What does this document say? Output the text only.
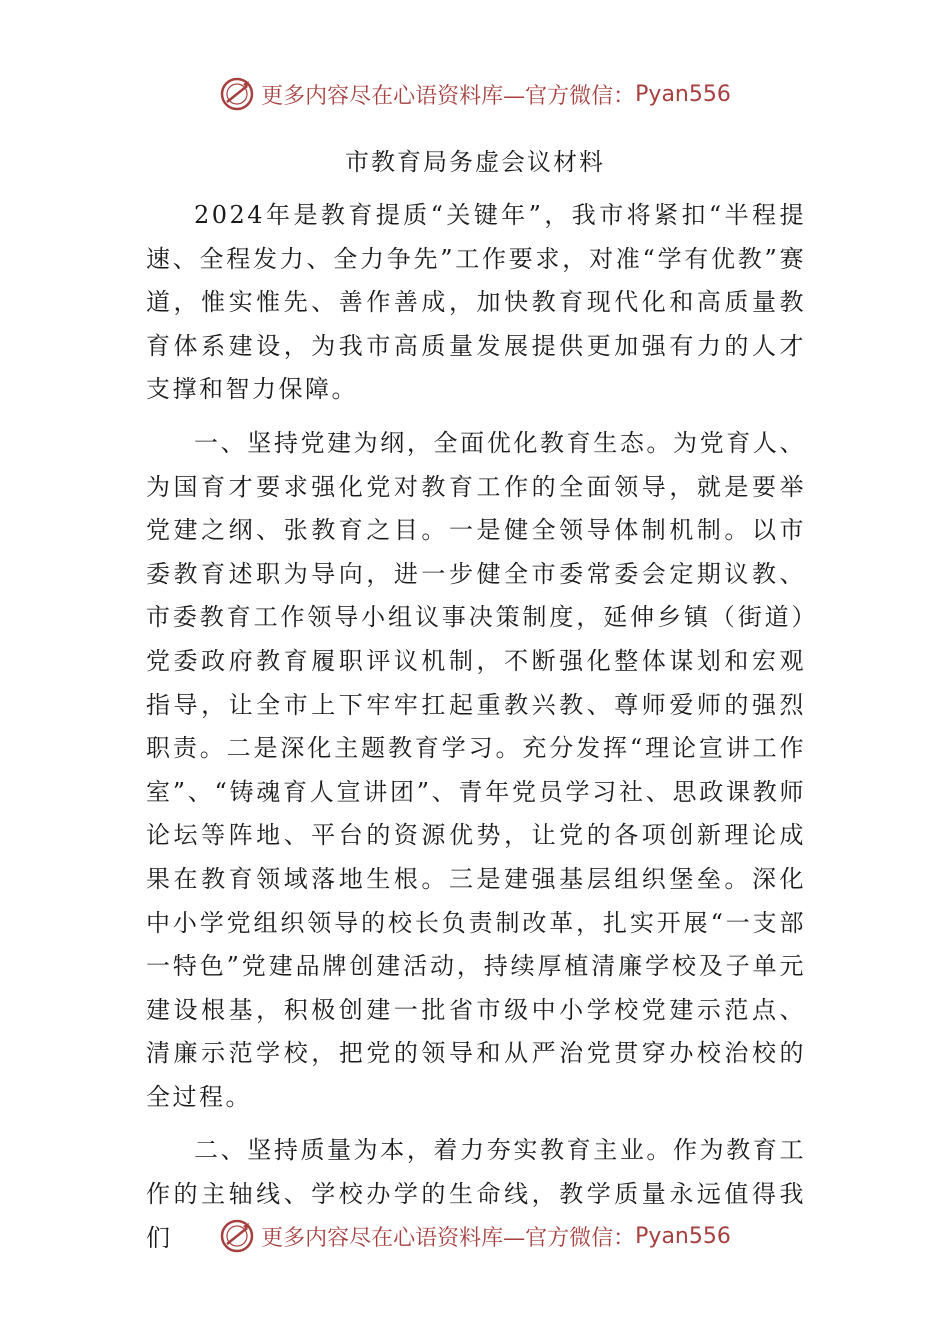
更多内容尽在心语资料库—官方微信： Pyan556
市教育局务虚会议材料

2024年是教育提质“关键年”，我市将紧扣“半程提速、全程发力、全力争先”工作要求，对准“学有优教”赛道，惟实惟先、善作善成，加快教育现代化和高质量教育体系建设，为我市高质量发展提供更加强有力的人才支撑和智力保障。

一、坚持党建为纲，全面优化教育生态。为党育人、为国育才要求强化党对教育工作的全面领导，就是要举党建之纲、张教育之目。一是健全领导体制机制。以市委教育述职为导向，进一步健全市委常委会定期议教、市委教育工作领导小组议事决策制度，延伸乡镇（街道）党委政府教育履职评议机制，不断强化整体谋划和宏观指导，让全市上下牢牢扛起重教兴教、尊师爱师的强烈职责。二是深化主题教育学习。充分发挥“理论宣讲工作室”、“铸魂育人宣讲团”、青年党员学习社、思政课教师论坛等阵地、平台的资源优势，让党的各项创新理论成果在教育领域落地生根。三是建强基层组织堡垒。深化中小学党组织领导的校长负责制改革，扎实开展“一支部一特色”党建品牌创建活动，持续厚植清廉学校及子单元建设根基，积极创建一批省市级中小学校党建示范点、清廉示范学校，把党的领导和从严治党贯穿办校治校的全过程。

二、坚持质量为本，着力夯实教育主业。作为教育工作的主轴线、学校办学的生命线，教学质量永远值得我们	更多内容尽在心语资料库—官方微信： Pyan556
